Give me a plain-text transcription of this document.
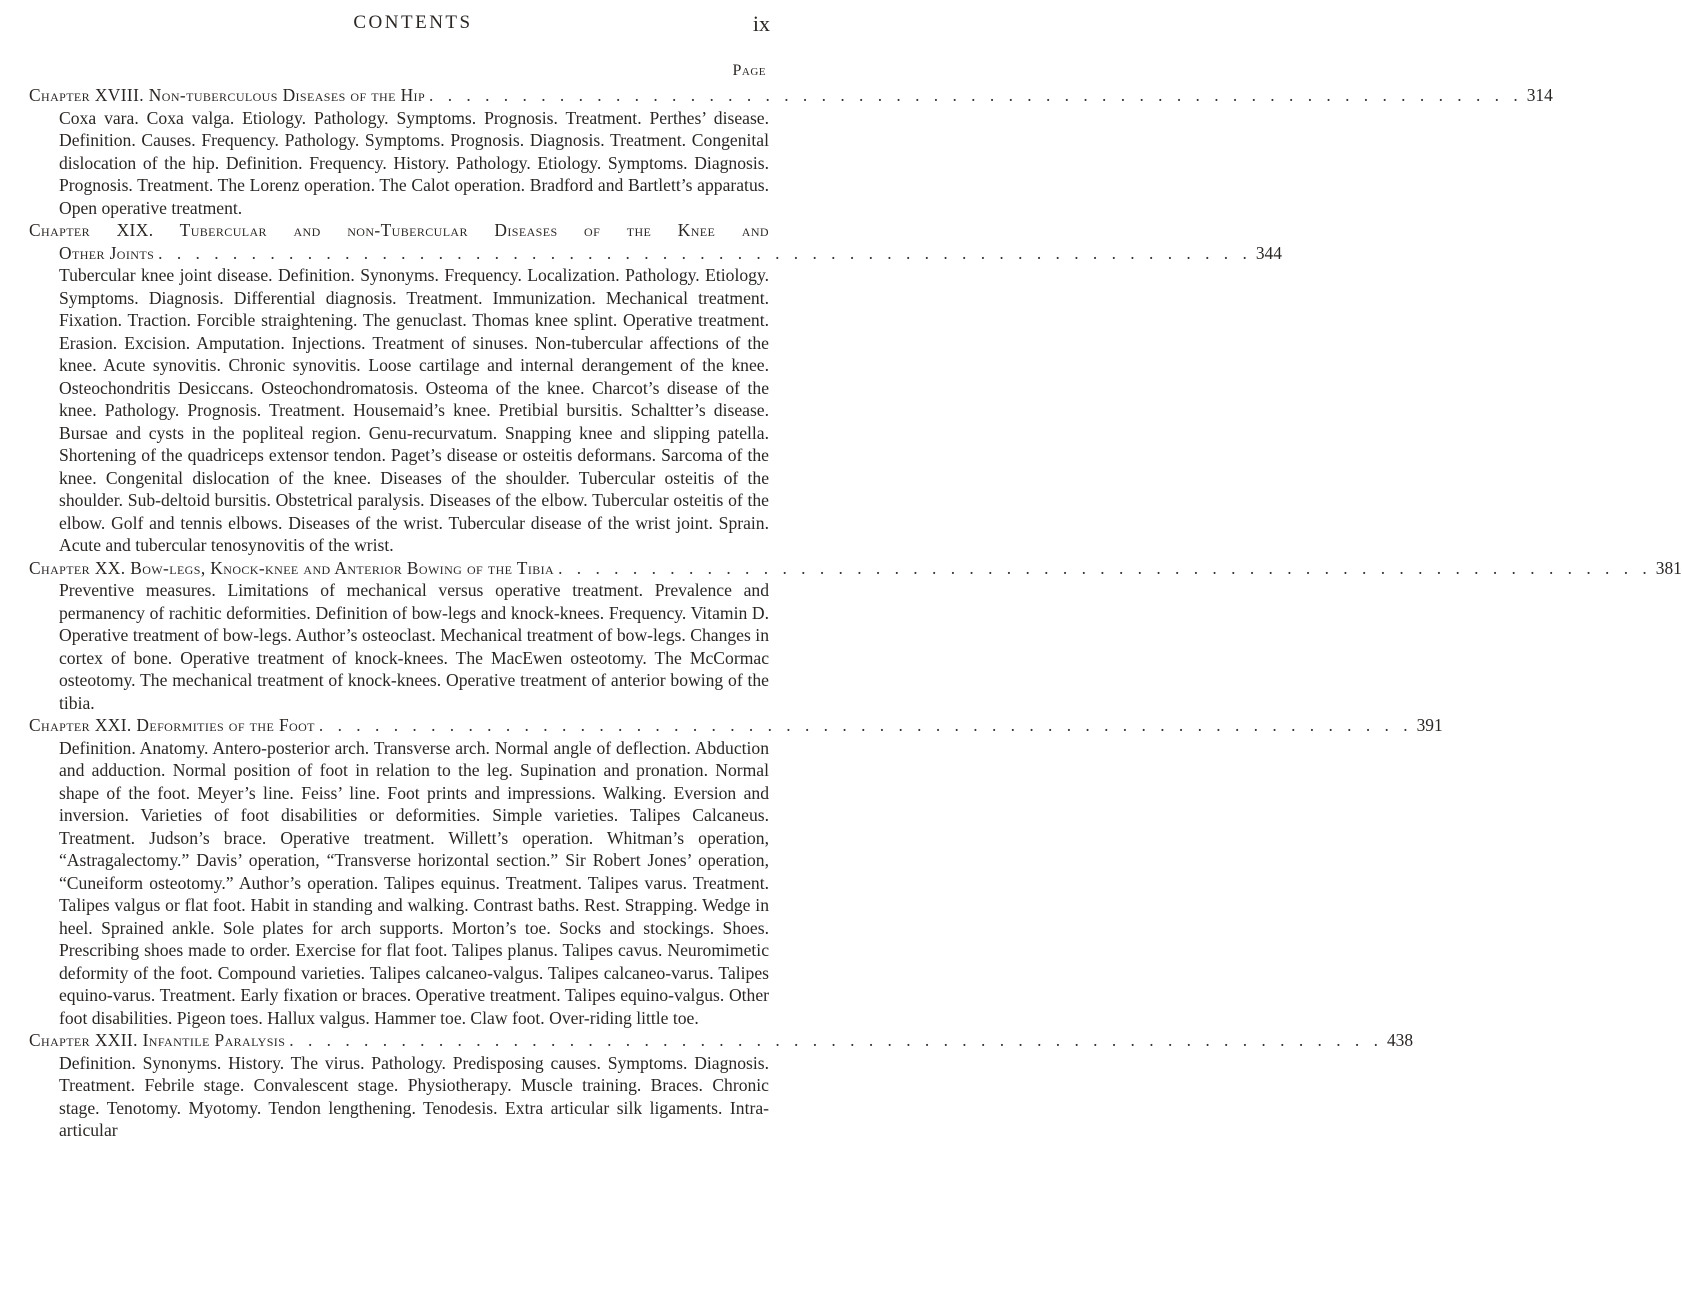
CONTENTS	ix
Page
Chapter XVIII. Non-tuberculous Diseases of the Hip . . . . . . . . . . . . . . . . . . . . . . . . . . . . . . . . . . . . . . . . . . . . . . . . . . . . . . . . . . . 314
Coxa vara. Coxa valga. Etiology. Pathology. Symptoms. Prognosis. Treatment. Perthes’ disease. Definition. Causes. Frequency. Pathology. Symptoms. Prognosis. Diagnosis. Treatment. Congenital dislocation of the hip. Definition. Frequency. History. Pathology. Etiology. Symptoms. Diagnosis. Prognosis. Treatment. The Lorenz operation. The Calot operation. Bradford and Bartlett’s apparatus. Open operative treatment.
Chapter XIX. Tubercular and non-Tubercular Diseases of the Knee and
Other Joints . . . . . . . . . . . . . . . . . . . . . . . . . . . . . . . . . . . . . . . . . . . . . . . . . . . . . . . . . . . 344
Tubercular knee joint disease. Definition. Synonyms. Frequency. Localization. Pathology. Etiology. Symptoms. Diagnosis. Differential diagnosis. Treatment. Immunization. Mechanical treatment. Fixation. Traction. Forcible straightening. The genuclast. Thomas knee splint. Operative treatment. Erasion. Excision. Amputation. Injections. Treatment of sinuses. Non-tubercular affections of the knee. Acute synovitis. Chronic synovitis. Loose cartilage and internal derangement of the knee. Osteochondritis Desiccans. Osteochondromatosis. Osteoma of the knee. Charcot’s disease of the knee. Pathology. Prognosis. Treatment. Housemaid’s knee. Pretibial bursitis. Schaltter’s disease. Bursae and cysts in the popliteal region. Genu-recurvatum. Snapping knee and slipping patella. Shortening of the quadriceps extensor tendon. Paget’s disease or osteitis deformans. Sarcoma of the knee. Congenital dislocation of the knee. Diseases of the shoulder. Tubercular osteitis of the shoulder. Sub-deltoid bursitis. Obstetrical paralysis. Diseases of the elbow. Tubercular osteitis of the elbow. Golf and tennis elbows. Diseases of the wrist. Tubercular disease of the wrist joint. Sprain. Acute and tubercular tenosynovitis of the wrist.
Chapter XX. Bow-legs, Knock-knee and Anterior Bowing of the Tibia . . . . . . . . . . . . . . . . . . . . . . . . . . . . . . . . . . . . . . . . . . . . . . . . . . . . . . . . . . . 381
Preventive measures. Limitations of mechanical versus operative treatment. Prevalence and permanency of rachitic deformities. Definition of bow-legs and knock-knees. Frequency. Vitamin D. Operative treatment of bow-legs. Author’s osteoclast. Mechanical treatment of bow-legs. Changes in cortex of bone. Operative treatment of knock-knees. The MacEwen osteotomy. The McCormac osteotomy. The mechanical treatment of knock-knees. Operative treatment of anterior bowing of the tibia.
Chapter XXI. Deformities of the Foot . . . . . . . . . . . . . . . . . . . . . . . . . . . . . . . . . . . . . . . . . . . . . . . . . . . . . . . . . . . 391
Definition. Anatomy. Antero-posterior arch. Transverse arch. Normal angle of deflection. Abduction and adduction. Normal position of foot in relation to the leg. Supination and pronation. Normal shape of the foot. Meyer’s line. Feiss’ line. Foot prints and impressions. Walking. Eversion and inversion. Varieties of foot disabilities or deformities. Simple varieties. Talipes Calcaneus. Treatment. Judson’s brace. Operative treatment. Willett’s operation. Whitman’s operation, “Astragalectomy.” Davis’ operation, “Transverse horizontal section.” Sir Robert Jones’ operation, “Cuneiform osteotomy.” Author’s operation. Talipes equinus. Treatment. Talipes varus. Treatment. Talipes valgus or flat foot. Habit in standing and walking. Contrast baths. Rest. Strapping. Wedge in heel. Sprained ankle. Sole plates for arch supports. Morton’s toe. Socks and stockings. Shoes. Prescribing shoes made to order. Exercise for flat foot. Talipes planus. Talipes cavus. Neuromimetic deformity of the foot. Compound varieties. Talipes calcaneo-valgus. Talipes calcaneo-varus. Talipes equino-varus. Treatment. Early fixation or braces. Operative treatment. Talipes equino-valgus. Other foot disabilities. Pigeon toes. Hallux valgus. Hammer toe. Claw foot. Over-riding little toe.
Chapter XXII. Infantile Paralysis . . . . . . . . . . . . . . . . . . . . . . . . . . . . . . . . . . . . . . . . . . . . . . . . . . . . . . . . . . . 438
Definition. Synonyms. History. The virus. Pathology. Predisposing causes. Symptoms. Diagnosis. Treatment. Febrile stage. Convalescent stage. Physiotherapy. Muscle training. Braces. Chronic stage. Tenotomy. Myotomy. Tendon lengthening. Tenodesis. Extra articular silk ligaments. Intra-articular
